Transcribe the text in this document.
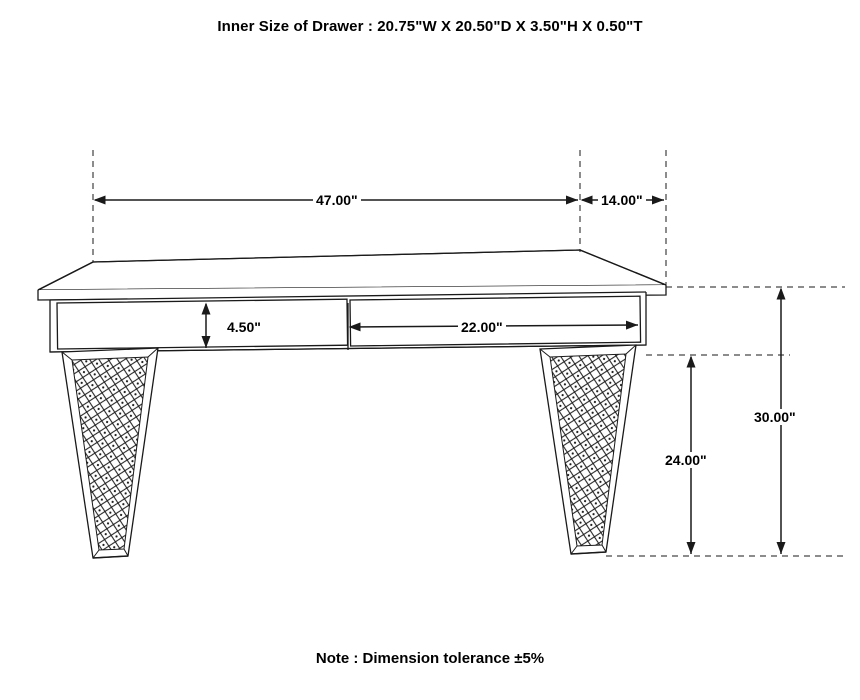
Inner Size of Drawer : 20.75"W X 20.50"D X 3.50"H X 0.50"T
47.00"	14.00"
4.50"	22.00"
30.00"
24.00"
Note : Dimension tolerance ±5%
